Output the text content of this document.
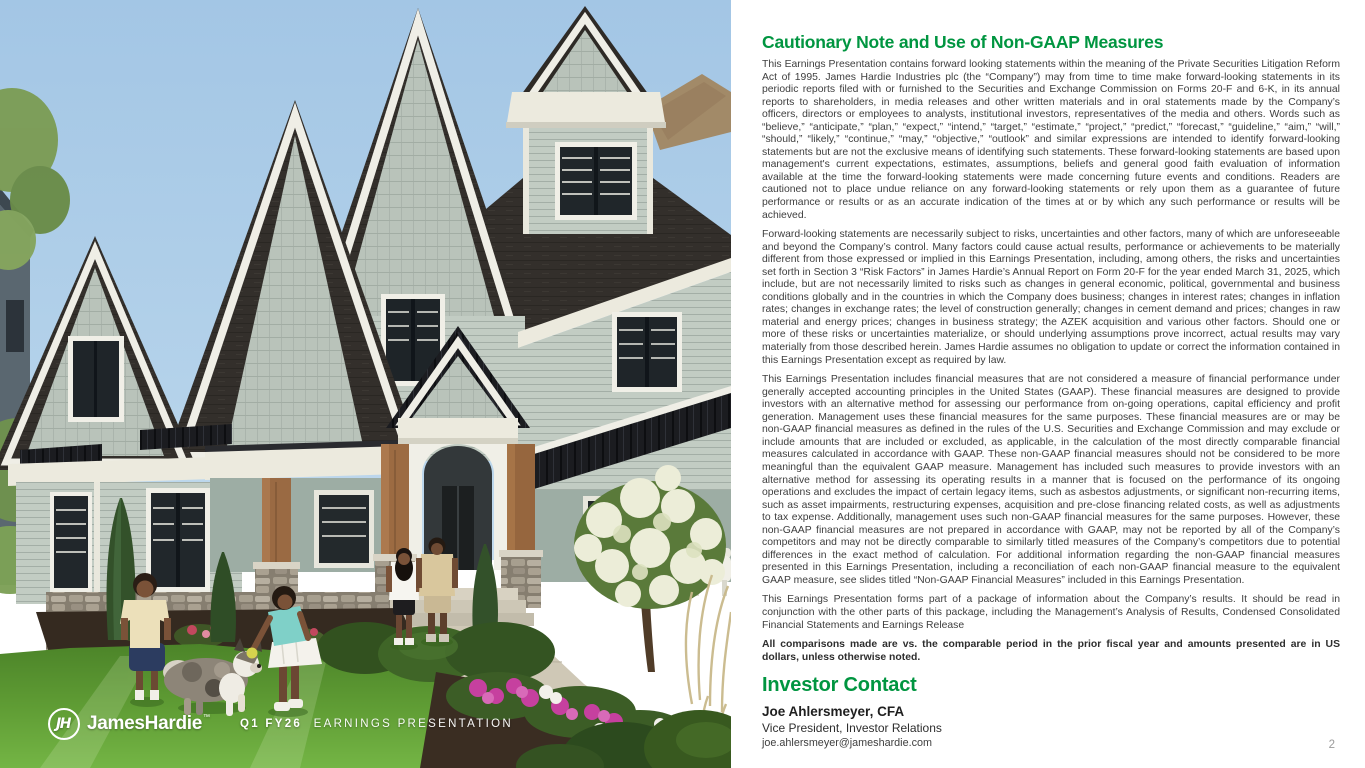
JH JamesHardie ™
Q1 FY26 EARNINGS PRESENTATION
Cautionary Note and Use of Non-GAAP Measures

This Earnings Presentation contains forward looking statements within the meaning of the Private Securities Litigation Reform Act of 1995. James Hardie Industries plc (the “Company”) may from time to time make forward-looking statements in its periodic reports filed with or furnished to the Securities and Exchange Commission on Forms 20-F and 6-K, in its annual reports to shareholders, in media releases and other written materials and in oral statements made by the Company’s officers, directors or employees to analysts, institutional investors, representatives of the media and others. Words such as “believe,” “anticipate,” “plan,” “expect,” “intend,” “target,” “estimate,” “project,” “predict,” “forecast,” “guideline,” “aim,” “will,” “should,” “likely,” “continue,” “may,” “objective,” “outlook” and similar expressions are intended to identify forward-looking statements but are not the exclusive means of identifying such statements. These forward-looking statements are based upon management's current expectations, estimates, assumptions, beliefs and general good faith evaluation of information available at the time the forward-looking statements were made concerning future events and conditions. Readers are cautioned not to place undue reliance on any forward-looking statements or rely upon them as a guarantee of future performance or results or as an accurate indication of the times at or by which any such performance or results will be achieved.

Forward-looking statements are necessarily subject to risks, uncertainties and other factors, many of which are unforeseeable and beyond the Company’s control. Many factors could cause actual results, performance or achievements to be materially different from those expressed or implied in this Earnings Presentation, including, among others, the risks and uncertainties set forth in Section 3 “Risk Factors” in James Hardie’s Annual Report on Form 20-F for the year ended March 31, 2025, which include, but are not necessarily limited to risks such as changes in general economic, political, governmental and business conditions globally and in the countries in which the Company does business; changes in interest rates; changes in inflation rates; changes in exchange rates; the level of construction generally; changes in cement demand and prices; changes in raw material and energy prices; changes in business strategy; the AZEK acquisition and various other factors. Should one or more of these risks or uncertainties materialize, or should underlying assumptions prove incorrect, actual results may vary materially from those described herein. James Hardie assumes no obligation to update or correct the information contained in this Earnings Presentation except as required by law.

This Earnings Presentation includes financial measures that are not considered a measure of financial performance under generally accepted accounting principles in the United States (GAAP). These financial measures are designed to provide investors with an alternative method for assessing our performance from on-going operations, capital efficiency and profit generation. Management uses these financial measures for the same purposes. These financial measures are or may be non-GAAP financial measures as defined in the rules of the U.S. Securities and Exchange Commission and may exclude or include amounts that are included or excluded, as applicable, in the calculation of the most directly comparable financial measures calculated in accordance with GAAP. These non-GAAP financial measures should not be considered to be more meaningful than the equivalent GAAP measure. Management has included such measures to provide investors with an alternative method for assessing its operating results in a manner that is focused on the performance of its ongoing operations and excludes the impact of certain legacy items, such as asbestos adjustments, or significant non-recurring items, such as asset impairments, restructuring expenses, acquisition and pre-close financing related costs, as well as adjustments to tax expense. Additionally, management uses such non-GAAP financial measures for the same purposes. However, these non-GAAP financial measures are not prepared in accordance with GAAP, may not be reported by all of the Company’s competitors and may not be directly comparable to similarly titled measures of the Company’s competitors due to potential differences in the exact method of calculation. For additional information regarding the non-GAAP financial measures presented in this Earnings Presentation, including a reconciliation of each non-GAAP financial measure to the equivalent GAAP measure, see slides titled “Non-GAAP Financial Measures” included in this Earnings Presentation.

This Earnings Presentation forms part of a package of information about the Company’s results. It should be read in conjunction with the other parts of this package, including the Management’s Analysis of Results, Condensed Consolidated Financial Statements and Earnings Release

All comparisons made are vs. the comparable period in the prior fiscal year and amounts presented are in US dollars, unless otherwise noted.

Investor Contact
Joe Ahlersmeyer, CFA
Vice President, Investor Relations
joe.ahlersmeyer@jameshardie.com	2
